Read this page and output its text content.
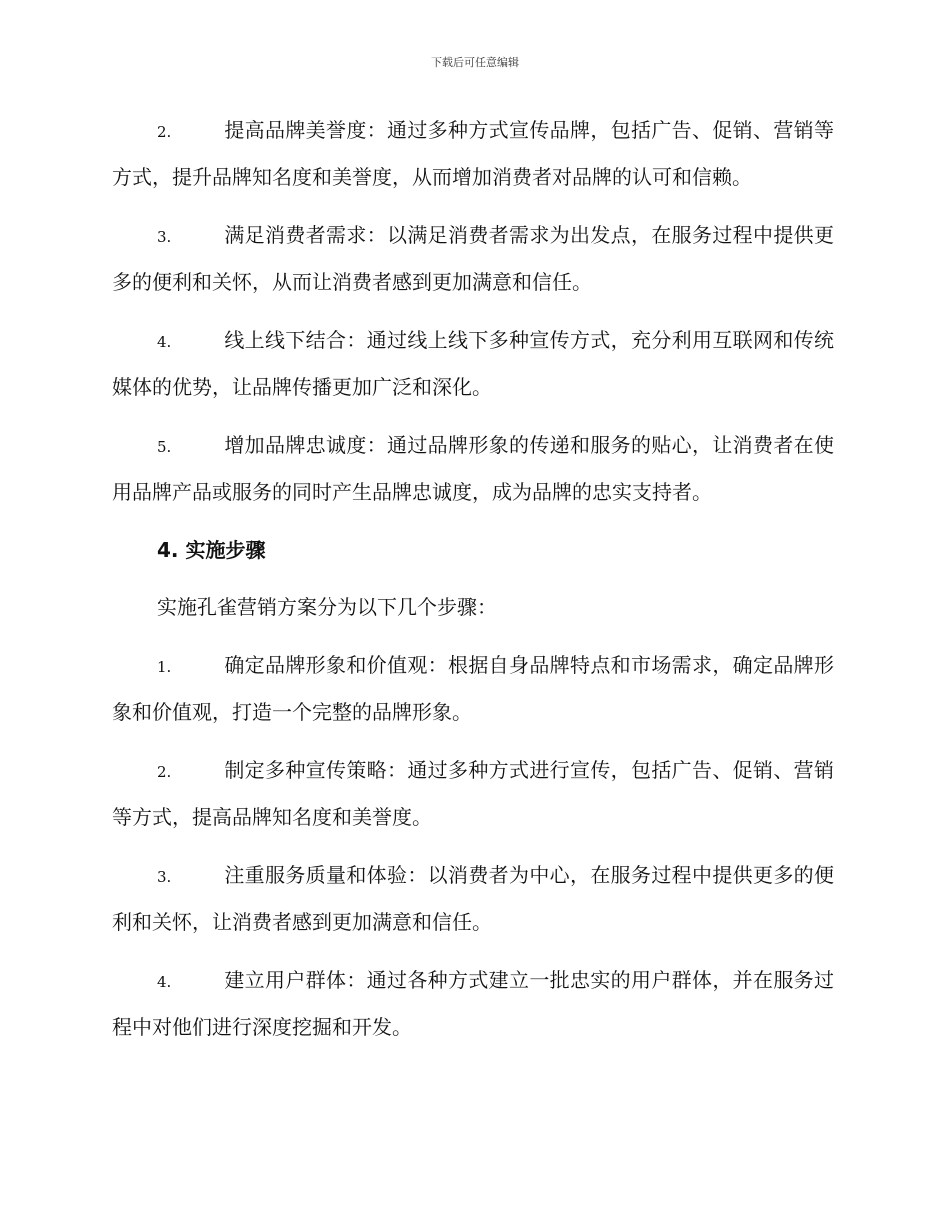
下载后可任意编辑

2.	提高品牌美誉度：通过多种方式宣传品牌，包括广告、促销、营销等方式，提升品牌知名度和美誉度，从而增加消费者对品牌的认可和信赖。

3.	满足消费者需求：以满足消费者需求为出发点，在服务过程中提供更多的便利和关怀，从而让消费者感到更加满意和信任。

4.	线上线下结合：通过线上线下多种宣传方式，充分利用互联网和传统媒体的优势，让品牌传播更加广泛和深化。

5.	增加品牌忠诚度：通过品牌形象的传递和服务的贴心，让消费者在使用品牌产品或服务的同时产生品牌忠诚度，成为品牌的忠实支持者。

4. 实施步骤

实施孔雀营销方案分为以下几个步骤：

1.	确定品牌形象和价值观：根据自身品牌特点和市场需求，确定品牌形象和价值观，打造一个完整的品牌形象。

2.	制定多种宣传策略：通过多种方式进行宣传，包括广告、促销、营销等方式，提高品牌知名度和美誉度。

3.	注重服务质量和体验：以消费者为中心，在服务过程中提供更多的便利和关怀，让消费者感到更加满意和信任。

4.	建立用户群体：通过各种方式建立一批忠实的用户群体，并在服务过程中对他们进行深度挖掘和开发。
